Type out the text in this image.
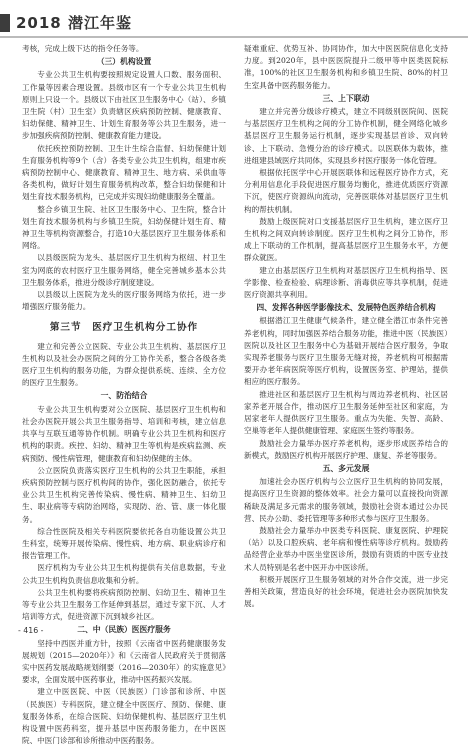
2018 潜江年鉴

考核，完成上级下达的指令任务等。

（三）机构设置

专业公共卫生机构要按照规定设置人口数、服务面积、工作量等因素合理设置。县级市区有一个专业公共卫生机构原则上只设一个。县级以下由社区卫生服务中心（站）、乡镇卫生院（村）卫生室）负责辖区疾病预防控制、健康教育、妇幼保健、精神卫生、计划生育服务等公共卫生服务，进一步加强疾病预防控制、健康教育能力建设。

依托疾控预防控制、卫生计生综合监督、妇幼保健计划生育服务机构等9个（含）各类专业公共卫生机构，组建市疾病预防控制中心、健康教育、精神卫生、地方病、采供血等各类机构，做好计划生育服务机构改革，整合妇幼保健和计划生育技术服务机构，已完成并实现妇幼健康服务全覆盖。

整合乡镇卫生院、社区卫生服务中心、卫生院，整合计划生育技术服务机构与乡镇卫生院，妇幼保健计划生育、精神卫生等机构资源整合，打造10大基层医疗卫生服务体系和网络。

以县级医院为龙头、基层医疗卫生机构为枢纽、村卫生室为网底的农村医疗卫生服务网络，健全完善城乡基本公共卫生服务体系，推进分级诊疗制度建设。

以县级以上医院为龙头的医疗服务网络为依托，进一步增强医疗服务能力。

第三节　医疗卫生机构分工协作

建立和完善公立医院、专业公共卫生机构、基层医疗卫生机构以及社会办医院之间的分工协作关系，整合各级各类医疗卫生机构的服务功能，为群众提供系统、连续、全方位的医疗卫生服务。

一、防治结合

专业公共卫生机构要对公立医院、基层医疗卫生机构和社会办医院开展公共卫生服务指导、培训和考核，建立信息共享与互联互通等协作机制。明确专业公共卫生机构和医疗机构的职责。疾控、妇幼、精神卫生等机构是疾病监测、疾病预防、慢性病管理，健康教育和妇幼保健的主体。

公立医院负责落实医疗卫生机构的公共卫生职能，承担疾病预防控制与医疗机构间的协作，强化医防融合，依托专业公共卫生机构完善传染病、慢性病、精神卫生、妇幼卫生、职业病等专病防治网络，实现防、治、管、康一体化服务。

综合性医院及相关专科医院要依托各自功能设置公共卫生科室，统筹开展传染病、慢性病、地方病、职业病诊疗和报告管理工作。

医疗机构为专业公共卫生机构提供有关信息数据，专业公共卫生机构负责信息收集和分析。

公共卫生机构要将疾病预防控制、妇幼卫生、精神卫生等专业公共卫生服务工作延伸到基层，通过专家下沉、人才培训等方式，促进资源下沉到城乡社区。

二、中（民族）医医疗服务

坚持中西医并重方针，按照《云南省中医药健康服务发展规划（2015—2020年）》和《云南省人民政府关于贯彻落实中医药发展战略规划纲要（2016—2030年）的实施意见》要求，全面发展中医药事业，推动中医药振兴发展。

建立中医医院、中医（民族医）门诊部和诊所、中医（民族医）专科医院，建立健全中医医疗、预防、保健、康复服务体系，在综合医院、妇幼保健机构、基层医疗卫生机构设置中医药科室，提升基层中医药服务能力，在中医医院、中医门诊部和诊所推动中医药服务。

疑难重症、优势互补、协同协作，加大中医医院信息化支持力度。到2020年，县中医医院提升二级甲等中医类医院标准，100%的社区卫生服务机构和乡镇卫生院、80%的村卫生室具备中医药服务能力。

三、上下联动

建立并完善分级诊疗模式，建立不同级别医院间、医院与基层医疗卫生机构之间的分工协作机制，健全网络化城乡基层医疗卫生服务运行机制，逐步实现基层首诊、双向转诊、上下联动、急慢分治的诊疗模式。以医联体为载体，推进组建县域医疗共同体，实现县乡村医疗服务一体化管理。

根据依托医学中心开展医联体和远程医疗协作方式，充分利用信息化手段促进医疗服务均衡化，推进优质医疗资源下沉，使医疗资源纵向流动，完善医联体对基层医疗卫生机构的帮扶机制。

鼓励上级医院对口支援基层医疗卫生机构，建立医疗卫生机构之间双向转诊制度。医疗卫生机构之间分工协作，形成上下联动的工作机制，提高基层医疗卫生服务水平，方便群众就医。

建立由基层医疗卫生机构对基层医疗卫生机构指导、医学影像、检查检验、病理诊断、消毒供应等共享机制，促进医疗资源共享利用。

四、发挥各种医学影像技术、发展特色医养结合机构

根据潜江卫生健康气候条件，建立健全潜江市条件完善养老机构，同时加强医养结合服务功能，推进中医（民族医）医院以及社区卫生服务中心为基础开展结合医疗服务，争取实现养老服务与医疗卫生服务无缝对接，养老机构可根据需要开办老年病医院等医疗机构，设置医务室、护理站，提供相应的医疗服务。

推进社区和基层医疗卫生机构与周边养老机构、社区居家养老开展合作，推动医疗卫生服务延伸至社区和家庭，为居家老年人提供医疗卫生服务。重点为失能、失智、高龄、空巢等老年人提供健康管理、家庭医生签约等服务。

鼓励社会力量举办医疗养老机构，逐步形成医养结合的新模式，鼓励医疗机构开展医疗护理、康复、养老等服务。

五、多元发展

加速社会办医疗机构与公立医疗卫生机构的协同发展，提高医疗卫生资源的整体效率。社会力量可以直接投向资源稀缺及满足多元需求的服务领域，鼓励社会资本通过公办民营、民办公助、委托管理等多种形式参与医疗卫生服务。

鼓励社会力量举办中医类专科医院、康复医院、护理院（站）以及口腔疾病、老年病和慢性病等诊疗机构。鼓励药品经营企业举办中医坐堂医诊所，鼓励有资质的中医专业技术人员特别是名老中医开办中医诊所。

积极开展医疗卫生服务领域的对外合作交流，进一步完善相关政策，营造良好的社会环境，促进社会办医院加快发展。

- 416 -
